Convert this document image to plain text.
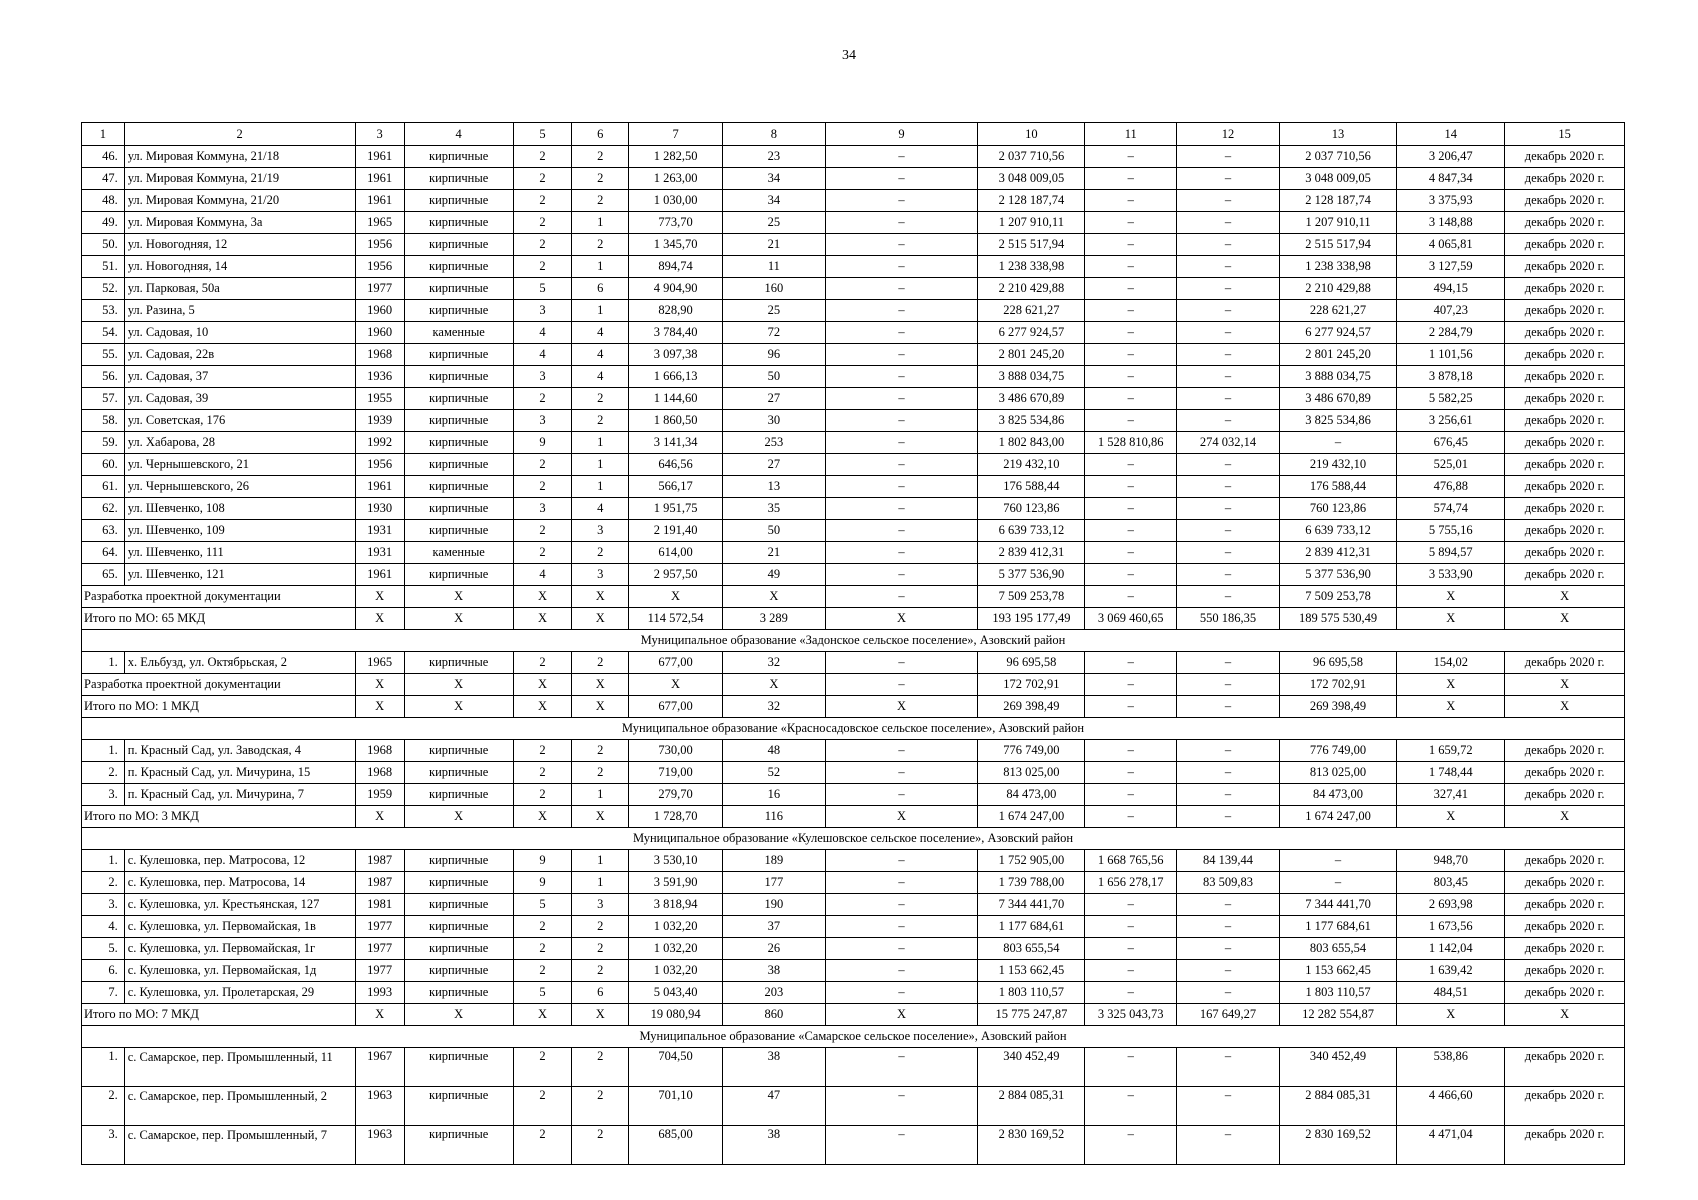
34
1	2	3	4	5	6	7	8	9	10	11	12	13	14	15
46.	ул. Мировая Коммуна, 21/18	1961	кирпичные	2	2	1 282,50	23	–	2 037 710,56	–	–	2 037 710,56	3 206,47	декабрь 2020 г.
47.	ул. Мировая Коммуна, 21/19	1961	кирпичные	2	2	1 263,00	34	–	3 048 009,05	–	–	3 048 009,05	4 847,34	декабрь 2020 г.
48.	ул. Мировая Коммуна, 21/20	1961	кирпичные	2	2	1 030,00	34	–	2 128 187,74	–	–	2 128 187,74	3 375,93	декабрь 2020 г.
49.	ул. Мировая Коммуна, 3а	1965	кирпичные	2	1	773,70	25	–	1 207 910,11	–	–	1 207 910,11	3 148,88	декабрь 2020 г.
50.	ул. Новогодняя, 12	1956	кирпичные	2	2	1 345,70	21	–	2 515 517,94	–	–	2 515 517,94	4 065,81	декабрь 2020 г.
51.	ул. Новогодняя, 14	1956	кирпичные	2	1	894,74	11	–	1 238 338,98	–	–	1 238 338,98	3 127,59	декабрь 2020 г.
52.	ул. Парковая, 50а	1977	кирпичные	5	6	4 904,90	160	–	2 210 429,88	–	–	2 210 429,88	494,15	декабрь 2020 г.
53.	ул. Разина, 5	1960	кирпичные	3	1	828,90	25	–	228 621,27	–	–	228 621,27	407,23	декабрь 2020 г.
54.	ул. Садовая, 10	1960	каменные	4	4	3 784,40	72	–	6 277 924,57	–	–	6 277 924,57	2 284,79	декабрь 2020 г.
55.	ул. Садовая, 22в	1968	кирпичные	4	4	3 097,38	96	–	2 801 245,20	–	–	2 801 245,20	1 101,56	декабрь 2020 г.
56.	ул. Садовая, 37	1936	кирпичные	3	4	1 666,13	50	–	3 888 034,75	–	–	3 888 034,75	3 878,18	декабрь 2020 г.
57.	ул. Садовая, 39	1955	кирпичные	2	2	1 144,60	27	–	3 486 670,89	–	–	3 486 670,89	5 582,25	декабрь 2020 г.
58.	ул. Советская, 176	1939	кирпичные	3	2	1 860,50	30	–	3 825 534,86	–	–	3 825 534,86	3 256,61	декабрь 2020 г.
59.	ул. Хабарова, 28	1992	кирпичные	9	1	3 141,34	253	–	1 802 843,00	1 528 810,86	274 032,14	–	676,45	декабрь 2020 г.
60.	ул. Чернышевского, 21	1956	кирпичные	2	1	646,56	27	–	219 432,10	–	–	219 432,10	525,01	декабрь 2020 г.
61.	ул. Чернышевского, 26	1961	кирпичные	2	1	566,17	13	–	176 588,44	–	–	176 588,44	476,88	декабрь 2020 г.
62.	ул. Шевченко, 108	1930	кирпичные	3	4	1 951,75	35	–	760 123,86	–	–	760 123,86	574,74	декабрь 2020 г.
63.	ул. Шевченко, 109	1931	кирпичные	2	3	2 191,40	50	–	6 639 733,12	–	–	6 639 733,12	5 755,16	декабрь 2020 г.
64.	ул. Шевченко, 111	1931	каменные	2	2	614,00	21	–	2 839 412,31	–	–	2 839 412,31	5 894,57	декабрь 2020 г.
65.	ул. Шевченко, 121	1961	кирпичные	4	3	2 957,50	49	–	5 377 536,90	–	–	5 377 536,90	3 533,90	декабрь 2020 г.
Разработка проектной документации		Х	Х	Х	Х	Х	Х	–	7 509 253,78	–	–	7 509 253,78	Х	Х
Итого по МО: 65 МКД		Х	Х	Х	Х	114 572,54	3 289	Х	193 195 177,49	3 069 460,65	550 186,35	189 575 530,49	Х	Х
Муниципальное образование «Задонское сельское поселение», Азовский район														
1.	х. Ельбузд, ул. Октябрьская, 2	1965	кирпичные	2	2	677,00	32	–	96 695,58	–	–	96 695,58	154,02	декабрь 2020 г.
Разработка проектной документации		Х	Х	Х	Х	Х	Х	–	172 702,91	–	–	172 702,91	Х	Х
Итого по МО: 1 МКД		Х	Х	Х	Х	677,00	32	Х	269 398,49	–	–	269 398,49	Х	Х
Муниципальное образование «Красносадовское сельское поселение», Азовский район														
1.	п. Красный Сад, ул. Заводская, 4	1968	кирпичные	2	2	730,00	48	–	776 749,00	–	–	776 749,00	1 659,72	декабрь 2020 г.
2.	п. Красный Сад, ул. Мичурина, 15	1968	кирпичные	2	2	719,00	52	–	813 025,00	–	–	813 025,00	1 748,44	декабрь 2020 г.
3.	п. Красный Сад, ул. Мичурина, 7	1959	кирпичные	2	1	279,70	16	–	84 473,00	–	–	84 473,00	327,41	декабрь 2020 г.
Итого по МО: 3 МКД		Х	Х	Х	Х	1 728,70	116	Х	1 674 247,00	–	–	1 674 247,00	Х	Х
Муниципальное образование «Кулешовское сельское поселение», Азовский район														
1.	с. Кулешовка, пер. Матросова, 12	1987	кирпичные	9	1	3 530,10	189	–	1 752 905,00	1 668 765,56	84 139,44	–	948,70	декабрь 2020 г.
2.	с. Кулешовка, пер. Матросова, 14	1987	кирпичные	9	1	3 591,90	177	–	1 739 788,00	1 656 278,17	83 509,83	–	803,45	декабрь 2020 г.
3.	с. Кулешовка, ул. Крестьянская, 127	1981	кирпичные	5	3	3 818,94	190	–	7 344 441,70	–	–	7 344 441,70	2 693,98	декабрь 2020 г.
4.	с. Кулешовка, ул. Первомайская, 1в	1977	кирпичные	2	2	1 032,20	37	–	1 177 684,61	–	–	1 177 684,61	1 673,56	декабрь 2020 г.
5.	с. Кулешовка, ул. Первомайская, 1г	1977	кирпичные	2	2	1 032,20	26	–	803 655,54	–	–	803 655,54	1 142,04	декабрь 2020 г.
6.	с. Кулешовка, ул. Первомайская, 1д	1977	кирпичные	2	2	1 032,20	38	–	1 153 662,45	–	–	1 153 662,45	1 639,42	декабрь 2020 г.
7.	с. Кулешовка, ул. Пролетарская, 29	1993	кирпичные	5	6	5 043,40	203	–	1 803 110,57	–	–	1 803 110,57	484,51	декабрь 2020 г.
Итого по МО: 7 МКД		Х	Х	Х	Х	19 080,94	860	Х	15 775 247,87	3 325 043,73	167 649,27	12 282 554,87	Х	Х
Муниципальное образование «Самарское сельское поселение», Азовский район														
1.	с. Самарское, пер. Промышленный, 11	1967	кирпичные	2	2	704,50	38	–	340 452,49	–	–	340 452,49	538,86	декабрь 2020 г.
2.	с. Самарское, пер. Промышленный, 2	1963	кирпичные	2	2	701,10	47	–	2 884 085,31	–	–	2 884 085,31	4 466,60	декабрь 2020 г.
3.	с. Самарское, пер. Промышленный, 7	1963	кирпичные	2	2	685,00	38	–	2 830 169,52	–	–	2 830 169,52	4 471,04	декабрь 2020 г.
